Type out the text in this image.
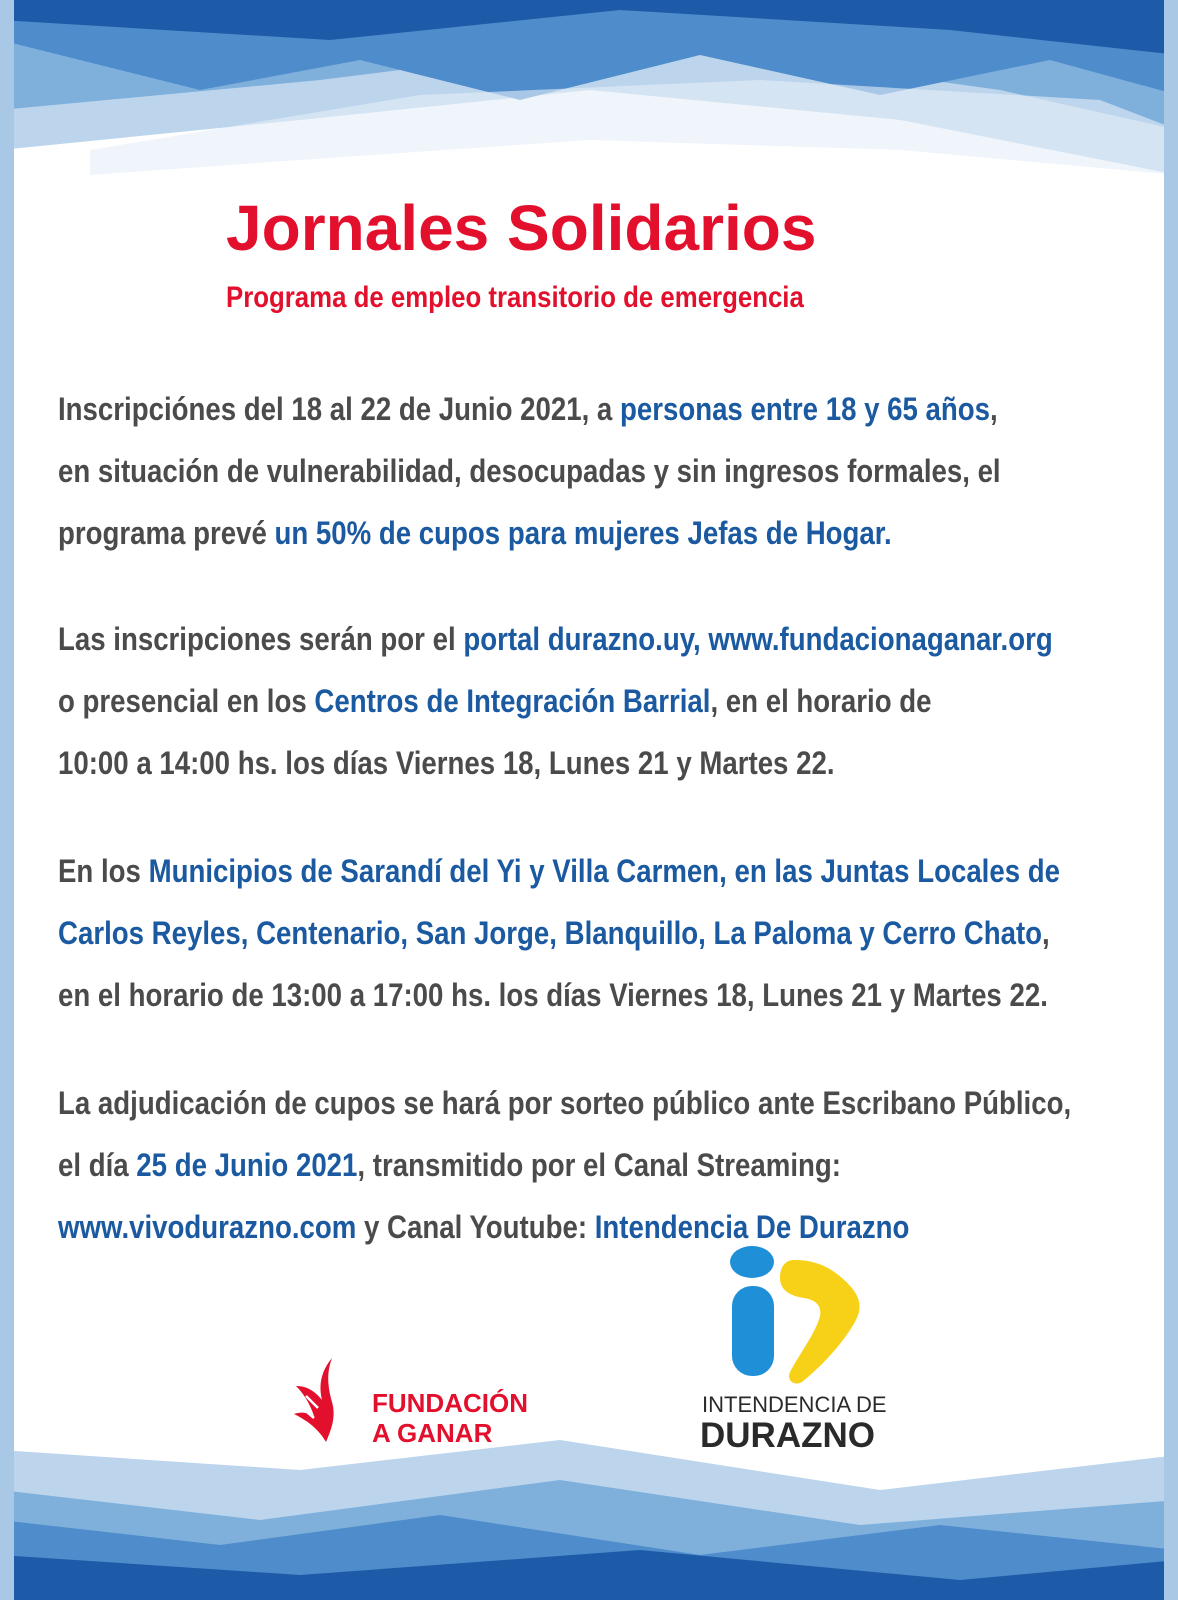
Jornales Solidarios

Programa de empleo transitorio de emergencia

Inscripciónes del 18 al 22 de Junio 2021, a personas entre 18 y 65 años,
en situación de vulnerabilidad, desocupadas y sin ingresos formales, el
programa prevé un 50% de cupos para mujeres Jefas de Hogar.
Las inscripciones serán por el portal durazno.uy, www.fundacionaganar.org
o presencial en los Centros de Integración Barrial, en el horario de
10:00 a 14:00 hs. los días Viernes 18, Lunes 21 y Martes 22.
En los Municipios de Sarandí del Yi y Villa Carmen, en las Juntas Locales de
Carlos Reyles, Centenario, San Jorge, Blanquillo, La Paloma y Cerro Chato,
en el horario de 13:00 a 17:00 hs. los días Viernes 18, Lunes 21 y Martes 22.
La adjudicación de cupos se hará por sorteo público ante Escribano Público,
el día 25 de Junio 2021, transmitido por el Canal Streaming:
www.vivodurazno.com y Canal Youtube: Intendencia De Durazno

FUNDACIÓN
A GANAR

INTENDENCIA DE

DURAZNO
